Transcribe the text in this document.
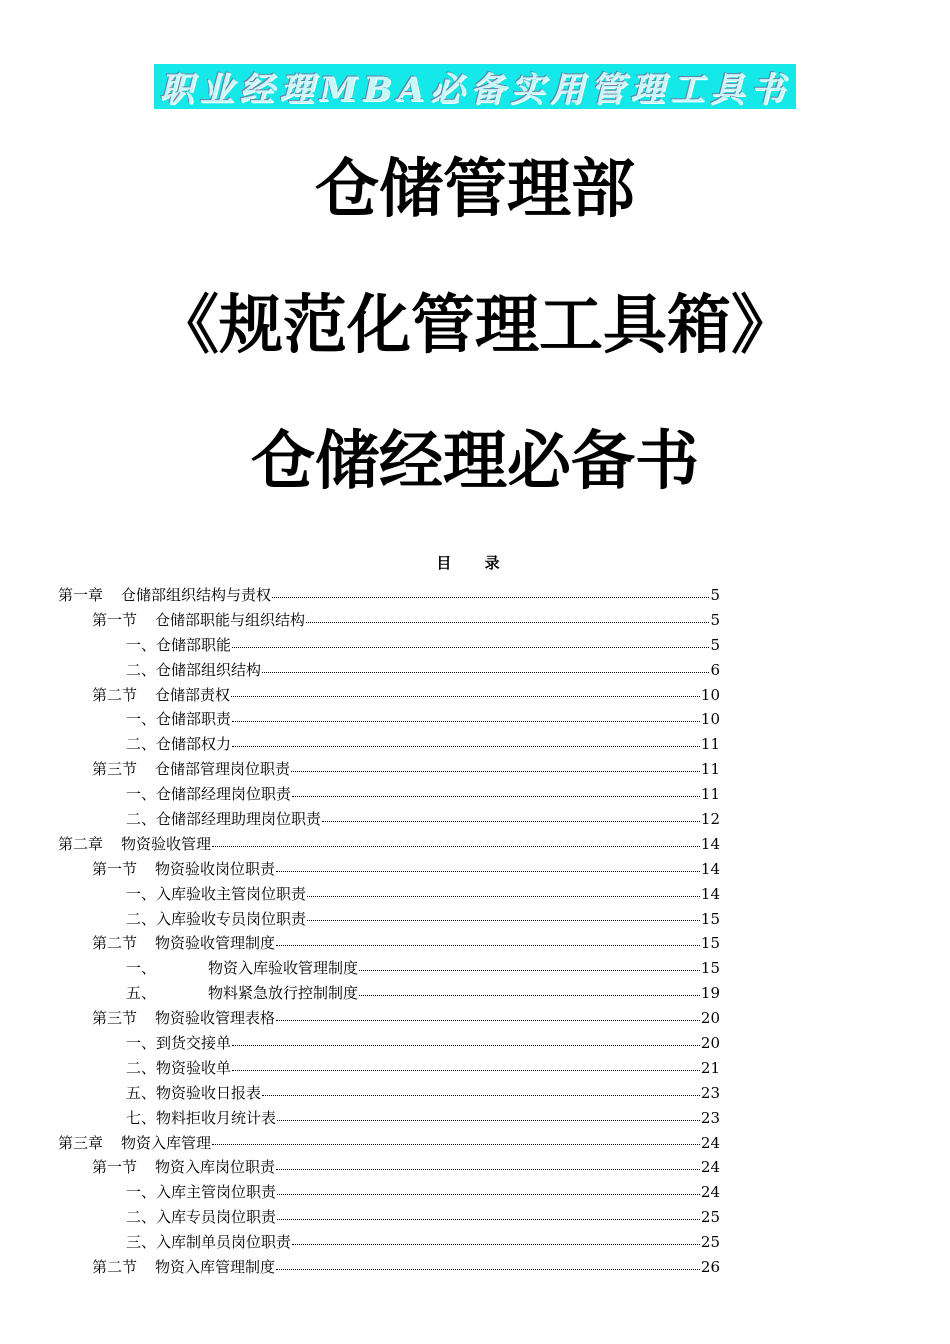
职业经理MBA必备实用管理工具书
仓储管理部
《规范化管理工具箱》
仓储经理必备书
目 录
第一章 仓储部组织结构与责权	5
第一节 仓储部职能与组织结构	5
一、仓储部职能	5
二、仓储部组织结构	6
第二节 仓储部责权	10
一、仓储部职责	10
二、仓储部权力	11
第三节 仓储部管理岗位职责	11
一、仓储部经理岗位职责	11
二、仓储部经理助理岗位职责	12
第二章 物资验收管理	14
第一节 物资验收岗位职责	14
一、入库验收主管岗位职责	14
二、入库验收专员岗位职责	15
第二节 物资验收管理制度	15
一、	物资入库验收管理制度	15
五、	物料紧急放行控制制度	19
第三节 物资验收管理表格	20
一、到货交接单	20
二、物资验收单	21
五、物资验收日报表	23
七、物料拒收月统计表	23
第三章 物资入库管理	24
第一节 物资入库岗位职责	24
一、入库主管岗位职责	24
二、入库专员岗位职责	25
三、入库制单员岗位职责	25
第二节 物资入库管理制度	26
